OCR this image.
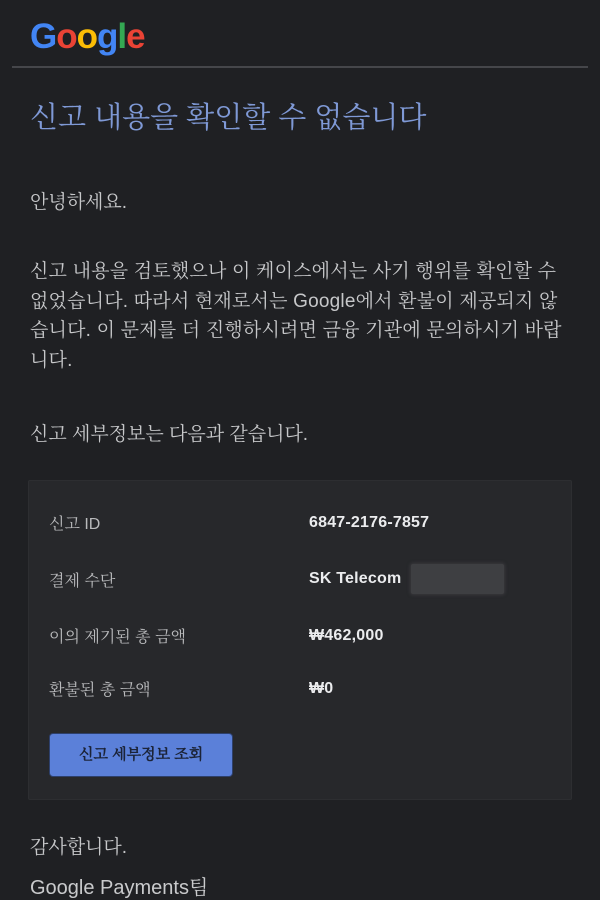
Google
신고 내용을 확인할 수 없습니다

안녕하세요.

신고 내용을 검토했으나 이 케이스에서는 사기 행위를 확인할 수 없었습니다. 따라서 현재로서는 Google에서 환불이 제공되지 않습니다. 이 문제를 더 진행하시려면 금융 기관에 문의하시기 바랍니다.

신고 세부정보는 다음과 같습니다.

신고 ID	6847-2176-7857
결제 수단	SK Telecom
이의 제기된 총 금액	₩462,000
환불된 총 금액	₩0
신고 세부정보 조회

감사합니다.

Google Payments팀
